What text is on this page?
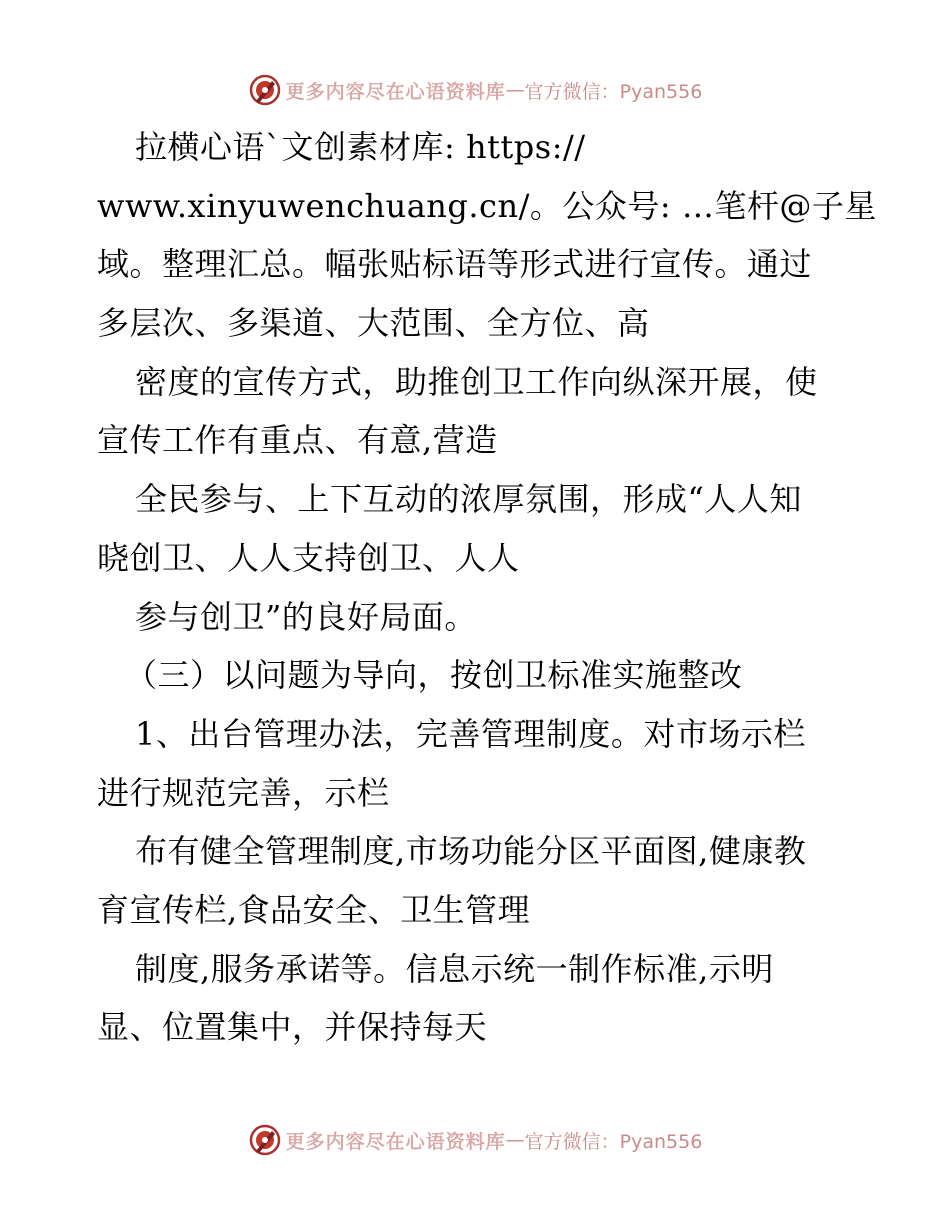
更多内容尽在心语资料库 — 官方微信：Pyan556
拉横心语`文创素材库: https://
www.xinyuwenchuang.cn/。公众号: …笔杆@子星
域。整理汇总。幅张贴标语等形式进行宣传。通过
多层次、多渠道、大范围、全方位、高
密度的宣传方式，助推创卫工作向纵深开展，使
宣传工作有重点、有意,营造
全民参与、上下互动的浓厚氛围，形成“人人知
晓创卫、人人支持创卫、人人
参与创卫”的良好局面。
（三）以问题为导向，按创卫标准实施整改
1、出台管理办法，完善管理制度。对市场示栏
进行规范完善，示栏
布有健全管理制度,市场功能分区平面图,健康教
育宣传栏,食品安全、卫生管理
制度,服务承诺等。信息示统一制作标准,示明
显、位置集中，并保持每天
更多内容尽在心语资料库 — 官方微信：Pyan556
